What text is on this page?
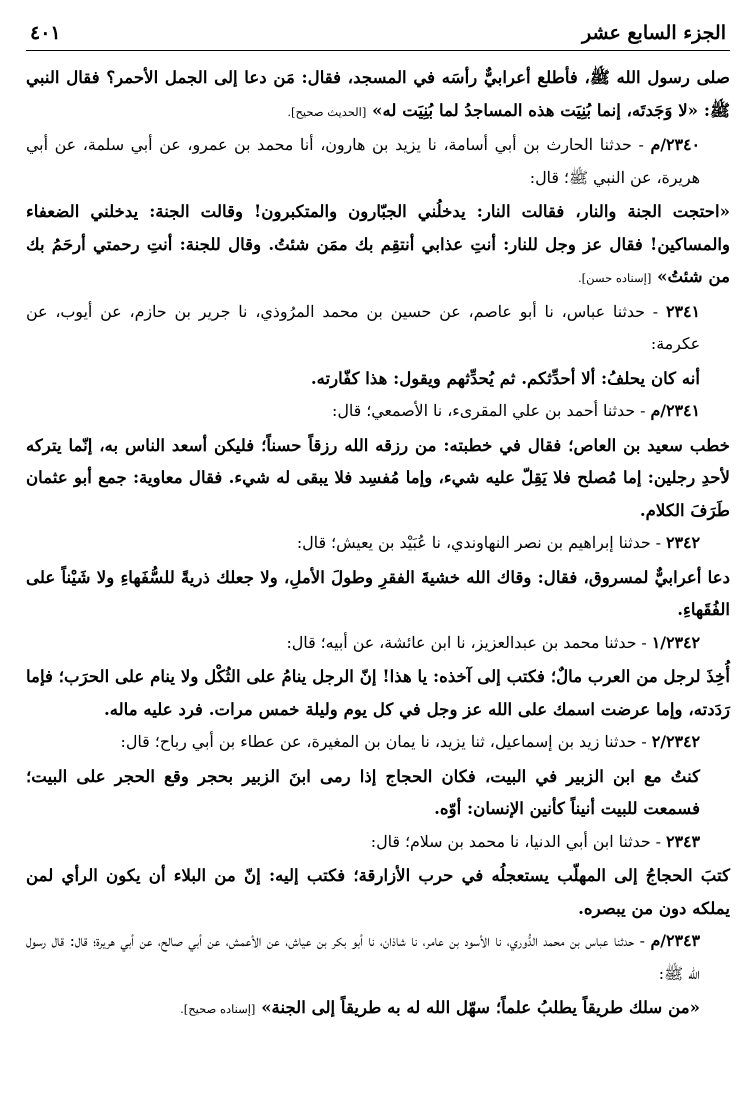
الجزء السابع عشر
٤٠١

صلى رسول الله ﷺ، فأطلع أعرابيٌّ رأسَه في المسجد، فقال: مَن دعا إلى الجمل الأحمر؟ فقال النبي ﷺ: «لا وَجَدتَه، إنما بُنِيَت هذه المساجدُ لما بُنِيَت له» [الحديث صحيح].

٢٣٤٠/م - حدثنا الحارث بن أبي أسامة، نا يزيد بن هارون، أنا محمد بن عمرو، عن أبي سلمة، عن أبي هريرة، عن النبي ﷺ؛ قال:

«احتجت الجنة والنار، فقالت النار: يدخلُني الجبّارون والمتكبرون! وقالت الجنة: يدخلني الضعفاء والمساكين! فقال عز وجل للنار: أنتِ عذابي أنتقِم بك ممَن شئتُ. وقال للجنة: أنتِ رحمتي أرحَمُ بك من شئتُ» [إسناده حسن].

٢٣٤١ - حدثنا عباس، نا أبو عاصم، عن حسين بن محمد المرُوذي، نا جرير بن حازم، عن أيوب، عن عكرمة:

أنه كان يحلفُ: ألا أحدِّثكم. ثم يُحدِّثهم ويقول: هذا كفّارته.

٢٣٤١/م - حدثنا أحمد بن علي المقرىء، نا الأصمعي؛ قال:

خطب سعيد بن العاص؛ فقال في خطبته: من رزقه الله رزقاً حسناً؛ فليكن أسعد الناس به، إنّما يتركه لأحدِ رجلين: إما مُصلح فلا يَقِلّ عليه شيء، وإما مُفسِد فلا يبقى له شيء. فقال معاوية: جمع أبو عثمان طَرَفَ الكلام.

٢٣٤٢ - حدثنا إبراهيم بن نصر النهاوندي، نا عُبَيْد بن يعيش؛ قال:

دعا أعرابيٌّ لمسروق، فقال: وقاك الله خشيةَ الفقرِ وطولَ الأملِ، ولا جعلك ذريةً للسُّفَهاءِ ولا شَيْناً على الفُقَهاءِ.

١/٢٣٤٢ - حدثنا محمد بن عبدالعزيز، نا ابن عائشة، عن أبيه؛ قال:

أُخِذَ لرجل من العرب مالٌ؛ فكتب إلى آخذه: يا هذا! إنّ الرجل ينامُ على الثُكْل ولا ينام على الحرَب؛ فإما رَدَدته، وإما عرضت اسمك على الله عز وجل في كل يوم وليلة خمس مرات. فرد عليه ماله.

٢/٢٣٤٢ - حدثنا زيد بن إسماعيل، ثنا يزيد، نا يمان بن المغيرة، عن عطاء بن أبي رباح؛ قال:

كنتُ مع ابن الزبير في البيت، فكان الحجاج إذا رمى ابنَ الزبير بحجر وقع الحجر على البيت؛ فسمعت للبيت أنيناً كأنين الإنسان: أوّه.

٢٣٤٣ - حدثنا ابن أبي الدنيا، نا محمد بن سلام؛ قال:

كتبَ الحجاجُ إلى المهلّب يستعجلُه في حرب الأزارقة؛ فكتب إليه: إنّ من البلاء أن يكون الرأي لمن يملكه دون من يبصره.

٢٣٤٣/م - حدثنا عباس بن محمد الدُّوري، نا الأسود بن عامر، نا شاذان، نا أبو بكر بن عياش، عن الأعمش، عن أبي صالح، عن أبي هريرة؛ قال: قال رسول الله ﷺ:

«من سلك طريقاً يطلبُ علماً؛ سهّل الله له به طريقاً إلى الجنة» [إسناده صحيح].
